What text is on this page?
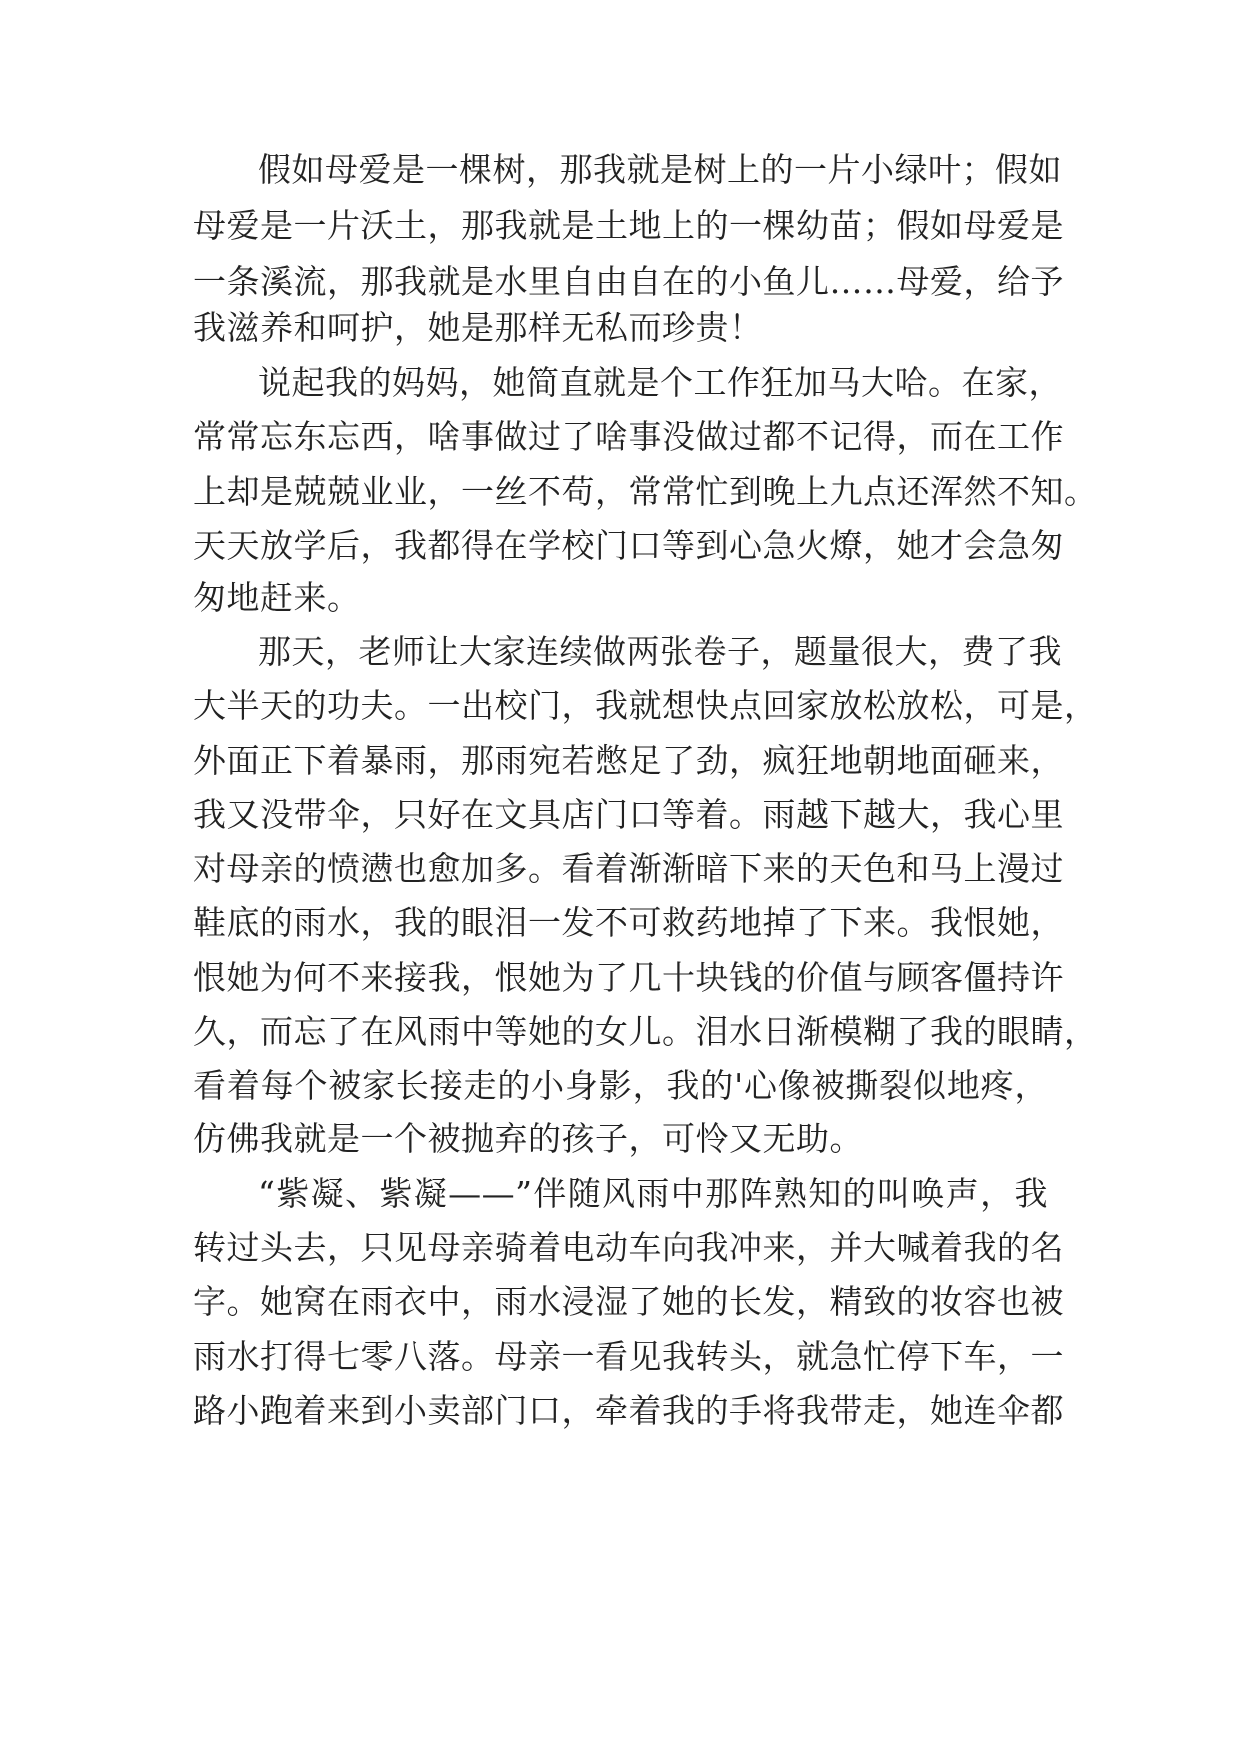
假如母爱是一棵树，那我就是树上的一片小绿叶；假如
母爱是一片沃土，那我就是土地上的一棵幼苗；假如母爱是
一条溪流，那我就是水里自由自在的小鱼儿……母爱，给予
我滋养和呵护，她是那样无私而珍贵！
说起我的妈妈，她简直就是个工作狂加马大哈。在家，
常常忘东忘西，啥事做过了啥事没做过都不记得，而在工作
上却是兢兢业业，一丝不苟，常常忙到晚上九点还浑然不知。
天天放学后，我都得在学校门口等到心急火燎，她才会急匆
匆地赶来。
那天，老师让大家连续做两张卷子，题量很大，费了我
大半天的功夫。一出校门，我就想快点回家放松放松，可是，
外面正下着暴雨，那雨宛若憋足了劲，疯狂地朝地面砸来，
我又没带伞，只好在文具店门口等着。雨越下越大，我心里
对母亲的愤懑也愈加多。看着渐渐暗下来的天色和马上漫过
鞋底的雨水，我的眼泪一发不可救药地掉了下来。我恨她，
恨她为何不来接我，恨她为了几十块钱的价值与顾客僵持许
久，而忘了在风雨中等她的女儿。泪水日渐模糊了我的眼睛，
看着每个被家长接走的小身影，我的'心像被撕裂似地疼，
仿佛我就是一个被抛弃的孩子，可怜又无助。
“紫凝、紫凝——”伴随风雨中那阵熟知的叫唤声，我
转过头去，只见母亲骑着电动车向我冲来，并大喊着我的名
字。她窝在雨衣中，雨水浸湿了她的长发，精致的妆容也被
雨水打得七零八落。母亲一看见我转头，就急忙停下车，一
路小跑着来到小卖部门口，牵着我的手将我带走，她连伞都
